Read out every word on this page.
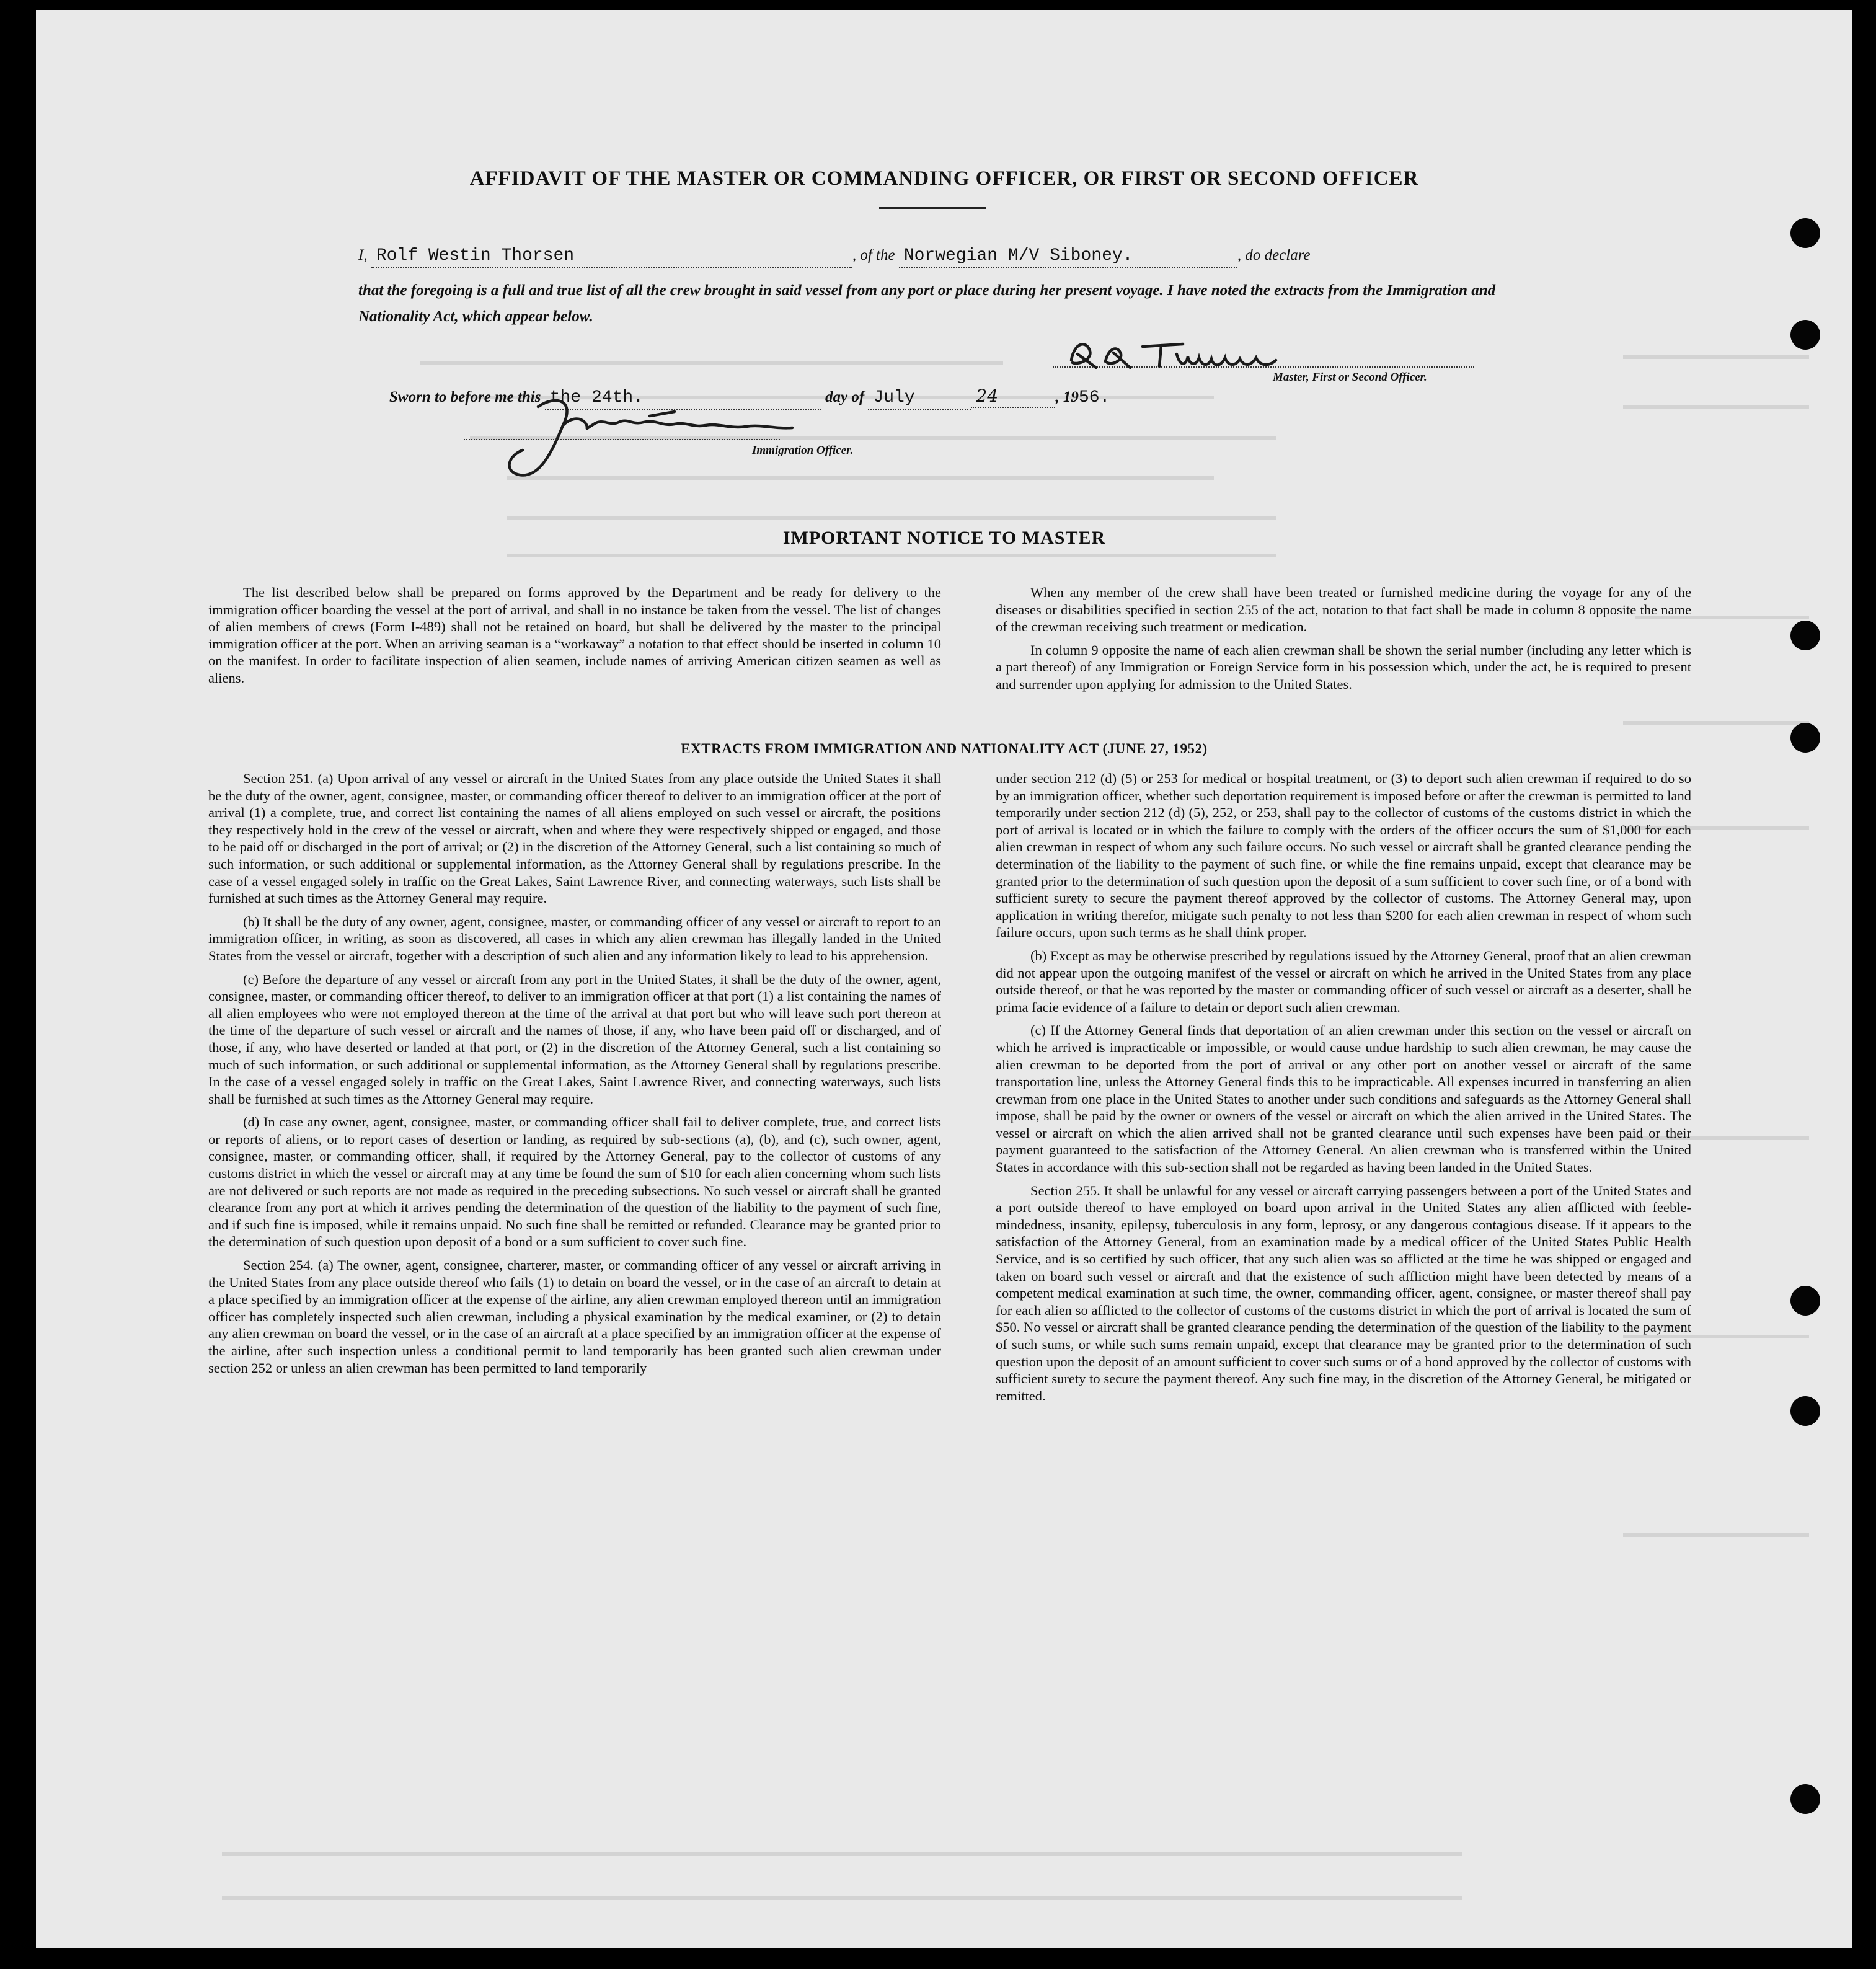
AFFIDAVIT OF THE MASTER OR COMMANDING OFFICER, OR FIRST OR SECOND OFFICER
I, Rolf Westin Thorsen	, of the Norwegian M/V Siboney.	, do declare
that the foregoing is a full and true list of all the crew brought in said vessel from any port or place during her present voyage. I have noted the extracts from the Immigration and Nationality Act, which appear below.
Master, First or Second Officer.
Sworn to before me this the 24th.	day of July	24	, 1956.
Immigration Officer.
IMPORTANT NOTICE TO MASTER

The list described below shall be prepared on forms approved by the Department and be ready for delivery to the immigration officer boarding the vessel at the port of arrival, and shall in no instance be taken from the vessel. The list of changes of alien members of crews (Form I-489) shall not be retained on board, but shall be delivered by the master to the principal immigration officer at the port. When an arriving seaman is a “workaway” a notation to that effect should be inserted in column 10 on the manifest. In order to facilitate inspection of alien seamen, include names of arriving American citizen seamen as well as aliens.

When any member of the crew shall have been treated or furnished medicine during the voyage for any of the diseases or disabilities specified in section 255 of the act, notation to that fact shall be made in column 8 opposite the name of the crewman receiving such treatment or medication.

In column 9 opposite the name of each alien crewman shall be shown the serial number (including any letter which is a part thereof) of any Immigration or Foreign Service form in his possession which, under the act, he is required to present and surrender upon applying for admission to the United States.

EXTRACTS FROM IMMIGRATION AND NATIONALITY ACT (JUNE 27, 1952)

Section 251. (a) Upon arrival of any vessel or aircraft in the United States from any place outside the United States it shall be the duty of the owner, agent, consignee, master, or commanding officer thereof to deliver to an immigration officer at the port of arrival (1) a complete, true, and correct list containing the names of all aliens employed on such vessel or aircraft, the positions they respectively hold in the crew of the vessel or aircraft, when and where they were respectively shipped or engaged, and those to be paid off or discharged in the port of arrival; or (2) in the discretion of the Attorney General, such a list containing so much of such information, or such additional or supplemental information, as the Attorney General shall by regulations prescribe. In the case of a vessel engaged solely in traffic on the Great Lakes, Saint Lawrence River, and connecting waterways, such lists shall be furnished at such times as the Attorney General may require.

(b) It shall be the duty of any owner, agent, consignee, master, or commanding officer of any vessel or aircraft to report to an immigration officer, in writing, as soon as discovered, all cases in which any alien crewman has illegally landed in the United States from the vessel or aircraft, together with a description of such alien and any information likely to lead to his apprehension.

(c) Before the departure of any vessel or aircraft from any port in the United States, it shall be the duty of the owner, agent, consignee, master, or commanding officer thereof, to deliver to an immigration officer at that port (1) a list containing the names of all alien employees who were not employed thereon at the time of the arrival at that port but who will leave such port thereon at the time of the departure of such vessel or aircraft and the names of those, if any, who have been paid off or discharged, and of those, if any, who have deserted or landed at that port, or (2) in the discretion of the Attorney General, such a list containing so much of such information, or such additional or supplemental information, as the Attorney General shall by regulations prescribe. In the case of a vessel engaged solely in traffic on the Great Lakes, Saint Lawrence River, and connecting waterways, such lists shall be furnished at such times as the Attorney General may require.

(d) In case any owner, agent, consignee, master, or commanding officer shall fail to deliver complete, true, and correct lists or reports of aliens, or to report cases of desertion or landing, as required by sub-sections (a), (b), and (c), such owner, agent, consignee, master, or commanding officer, shall, if required by the Attorney General, pay to the collector of customs of any customs district in which the vessel or aircraft may at any time be found the sum of $10 for each alien concerning whom such lists are not delivered or such reports are not made as required in the preceding subsections. No such vessel or aircraft shall be granted clearance from any port at which it arrives pending the determination of the question of the liability to the payment of such fine, and if such fine is imposed, while it remains unpaid. No such fine shall be remitted or refunded. Clearance may be granted prior to the determination of such question upon deposit of a bond or a sum sufficient to cover such fine.

Section 254. (a) The owner, agent, consignee, charterer, master, or commanding officer of any vessel or aircraft arriving in the United States from any place outside thereof who fails (1) to detain on board the vessel, or in the case of an aircraft to detain at a place specified by an immigration officer at the expense of the airline, any alien crewman employed thereon until an immigration officer has completely inspected such alien crewman, including a physical examination by the medical examiner, or (2) to detain any alien crewman on board the vessel, or in the case of an aircraft at a place specified by an immigration officer at the expense of the airline, after such inspection unless a conditional permit to land temporarily has been granted such alien crewman under section 252 or unless an alien crewman has been permitted to land temporarily

under section 212 (d) (5) or 253 for medical or hospital treatment, or (3) to deport such alien crewman if required to do so by an immigration officer, whether such deportation requirement is imposed before or after the crewman is permitted to land temporarily under section 212 (d) (5), 252, or 253, shall pay to the collector of customs of the customs district in which the port of arrival is located or in which the failure to comply with the orders of the officer occurs the sum of $1,000 for each alien crewman in respect of whom any such failure occurs. No such vessel or aircraft shall be granted clearance pending the determination of the liability to the payment of such fine, or while the fine remains unpaid, except that clearance may be granted prior to the determination of such question upon the deposit of a sum sufficient to cover such fine, or of a bond with sufficient surety to secure the payment thereof approved by the collector of customs. The Attorney General may, upon application in writing therefor, mitigate such penalty to not less than $200 for each alien crewman in respect of whom such failure occurs, upon such terms as he shall think proper.

(b) Except as may be otherwise prescribed by regulations issued by the Attorney General, proof that an alien crewman did not appear upon the outgoing manifest of the vessel or aircraft on which he arrived in the United States from any place outside thereof, or that he was reported by the master or commanding officer of such vessel or aircraft as a deserter, shall be prima facie evidence of a failure to detain or deport such alien crewman.

(c) If the Attorney General finds that deportation of an alien crewman under this section on the vessel or aircraft on which he arrived is impracticable or impossible, or would cause undue hardship to such alien crewman, he may cause the alien crewman to be deported from the port of arrival or any other port on another vessel or aircraft of the same transportation line, unless the Attorney General finds this to be impracticable. All expenses incurred in transferring an alien crewman from one place in the United States to another under such conditions and safeguards as the Attorney General shall impose, shall be paid by the owner or owners of the vessel or aircraft on which the alien arrived in the United States. The vessel or aircraft on which the alien arrived shall not be granted clearance until such expenses have been paid or their payment guaranteed to the satisfaction of the Attorney General. An alien crewman who is transferred within the United States in accordance with this sub-section shall not be regarded as having been landed in the United States.

Section 255. It shall be unlawful for any vessel or aircraft carrying passengers between a port of the United States and a port outside thereof to have employed on board upon arrival in the United States any alien afflicted with feeble-mindedness, insanity, epilepsy, tuberculosis in any form, leprosy, or any dangerous contagious disease. If it appears to the satisfaction of the Attorney General, from an examination made by a medical officer of the United States Public Health Service, and is so certified by such officer, that any such alien was so afflicted at the time he was shipped or engaged and taken on board such vessel or aircraft and that the existence of such affliction might have been detected by means of a competent medical examination at such time, the owner, commanding officer, agent, consignee, or master thereof shall pay for each alien so afflicted to the collector of customs of the customs district in which the port of arrival is located the sum of $50. No vessel or aircraft shall be granted clearance pending the determination of the question of the liability to the payment of such sums, or while such sums remain unpaid, except that clearance may be granted prior to the determination of such question upon the deposit of an amount sufficient to cover such sums or of a bond approved by the collector of customs with sufficient surety to secure the payment thereof. Any such fine may, in the discretion of the Attorney General, be mitigated or remitted.
